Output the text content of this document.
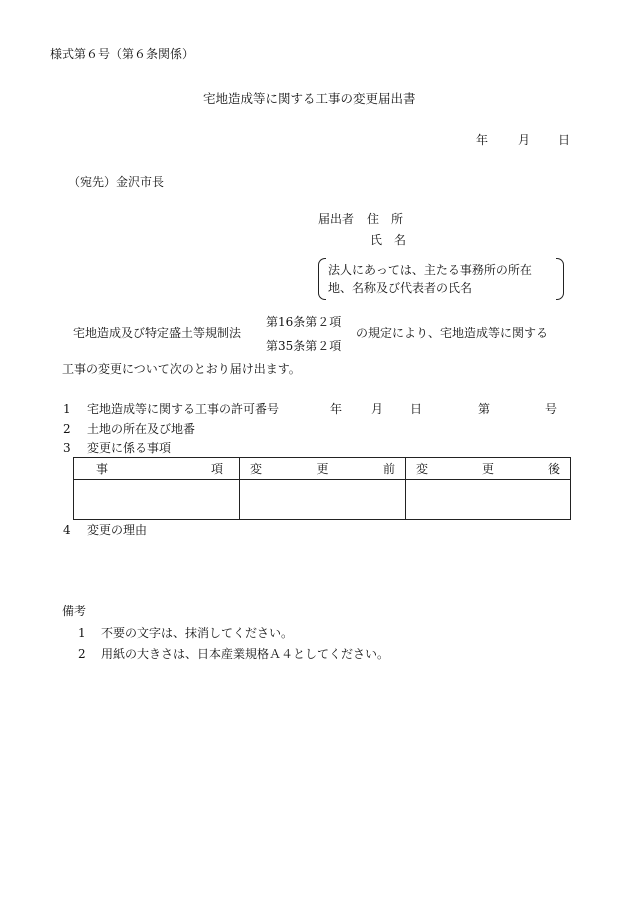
様式第６号（第６条関係）
宅地造成等に関する工事の変更届出書
年 月 日
（宛先）金沢市長
届出者 住　所
氏　名
法人にあっては、主たる事務所の所在
地、名称及び代表者の氏名
宅地造成及び特定盛土等規制法
第16条第２項
第35条第２項
の規定により、宅地造成等に関する
工事の変更について次のとおり届け出ます。
1 宅地造成等に関する工事の許可番号	年 月 日	第	号
2 土地の所在及び地番
3 変更に係る事項
事 項	変 更 前	変 更 後

4 変更の理由
備考
1 不要の文字は、抹消してください。
2 用紙の大きさは、日本産業規格Ａ４としてください。
